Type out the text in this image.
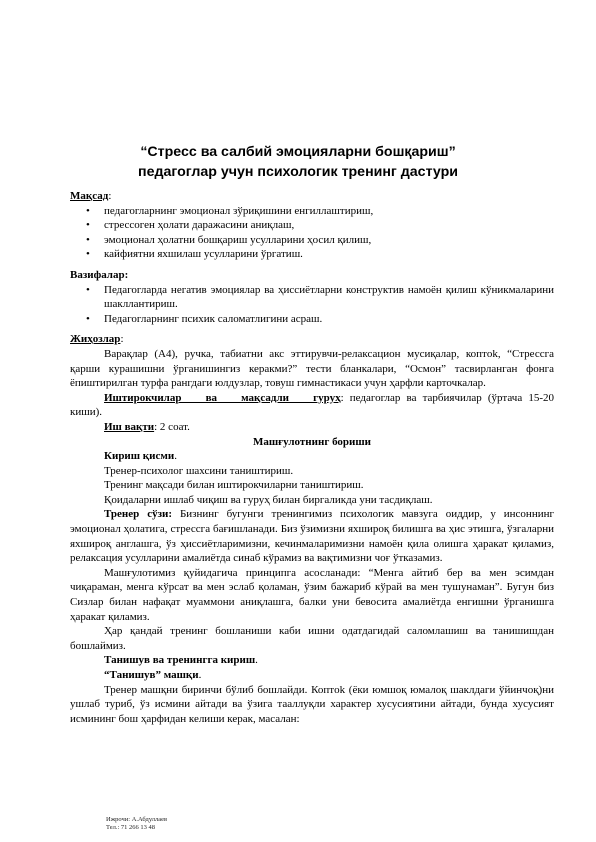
“Стресс ва салбий эмоцияларни бошқариш”
педагоглар учун психологик тренинг дастури

Мақсад:

• педагогларнинг эмоционал зўриқишини енгиллаштириш,
• стрессоген ҳолати даражасини аниқлаш,
• эмоционал ҳолатни бошқариш усулларини ҳосил қилиш,
• кайфиятни яхшилаш усулларини ўргатиш.

Вазифалар:

• Педагогларда негатив эмоциялар ва ҳиссиётларни конструктив намоён қилиш кўникмаларини шакллантириш.
• Педагогларнинг психик саломатлигини асраш.

Жиҳозлар:

Варақлар (А4), ручка, табиатни акс эттирувчи-релаксацион мусиқалар, коптok, “Стрессга қарши курашишни ўрганишингиз керакми?” тести бланкалари, “Осмон” тасвирланган фонга ёпиштирилган турфа рангдаги юлдузлар, товуш гимнастикаси учун ҳарфли карточкалар.

Иштирокчилар ва мақсадли гуруҳ: педагоглар ва тарбиячилар (ўртача 15-20 киши).

Иш вақти: 2 соат.

Машғулотнинг бориши

Кириш қисми.

Тренер-психолог шахсини таништириш.

Тренинг мақсади билан иштирокчиларни таништириш.

Қоидаларни ишлаб чиқиш ва гуруҳ билан биргаликда уни тасдиқлаш.

Тренер сўзи: Бизнинг бугунги тренингимиз психологик мавзуга оиддир, у инсоннинг эмоционал ҳолатига, стрессга бағишланади. Биз ўзимизни яхшироқ билишга ва ҳис этишга, ўзгаларни яхшироқ англашга, ўз ҳиссиётларимизни, кечинмаларимизни намоён қила олишга ҳаракат қиламиз, релаксация усулларини амалиётда синаб кўрамиз ва вақтимизни чоғ ўтказамиз.

Машғулотимиз қуйидагича принципга асосланади: “Менга айтиб бер ва мен эсимдан чиқараман, менга кўрсат ва мен эслаб қоламан, ўзим бажариб кўрай ва мен тушунаман”. Бугун биз Сизлар билан нафақат муаммони аниқлашга, балки уни бевосита амалиётда енгишни ўрганишга ҳаракат қиламиз.

Ҳар қандай тренинг бошланиши каби ишни одатдагидай саломлашиш ва танишишдан бошлаймиз.

Танишув ва тренингга кириш.

“Танишув” машқи.

Тренер машқни биринчи бўлиб бошлайди. Коптok (ёки юмшоқ юмалоқ шаклдаги ўйинчоқ)ни ушлаб туриб, ўз исмини айтади ва ўзига тааллуқли характер хусусиятини айтади, бунда хусусият исмининг бош ҳарфидан келиши керак, масалан:

Ижрочи: А.Абдуллаев
Тел.: 71 266 13 48
